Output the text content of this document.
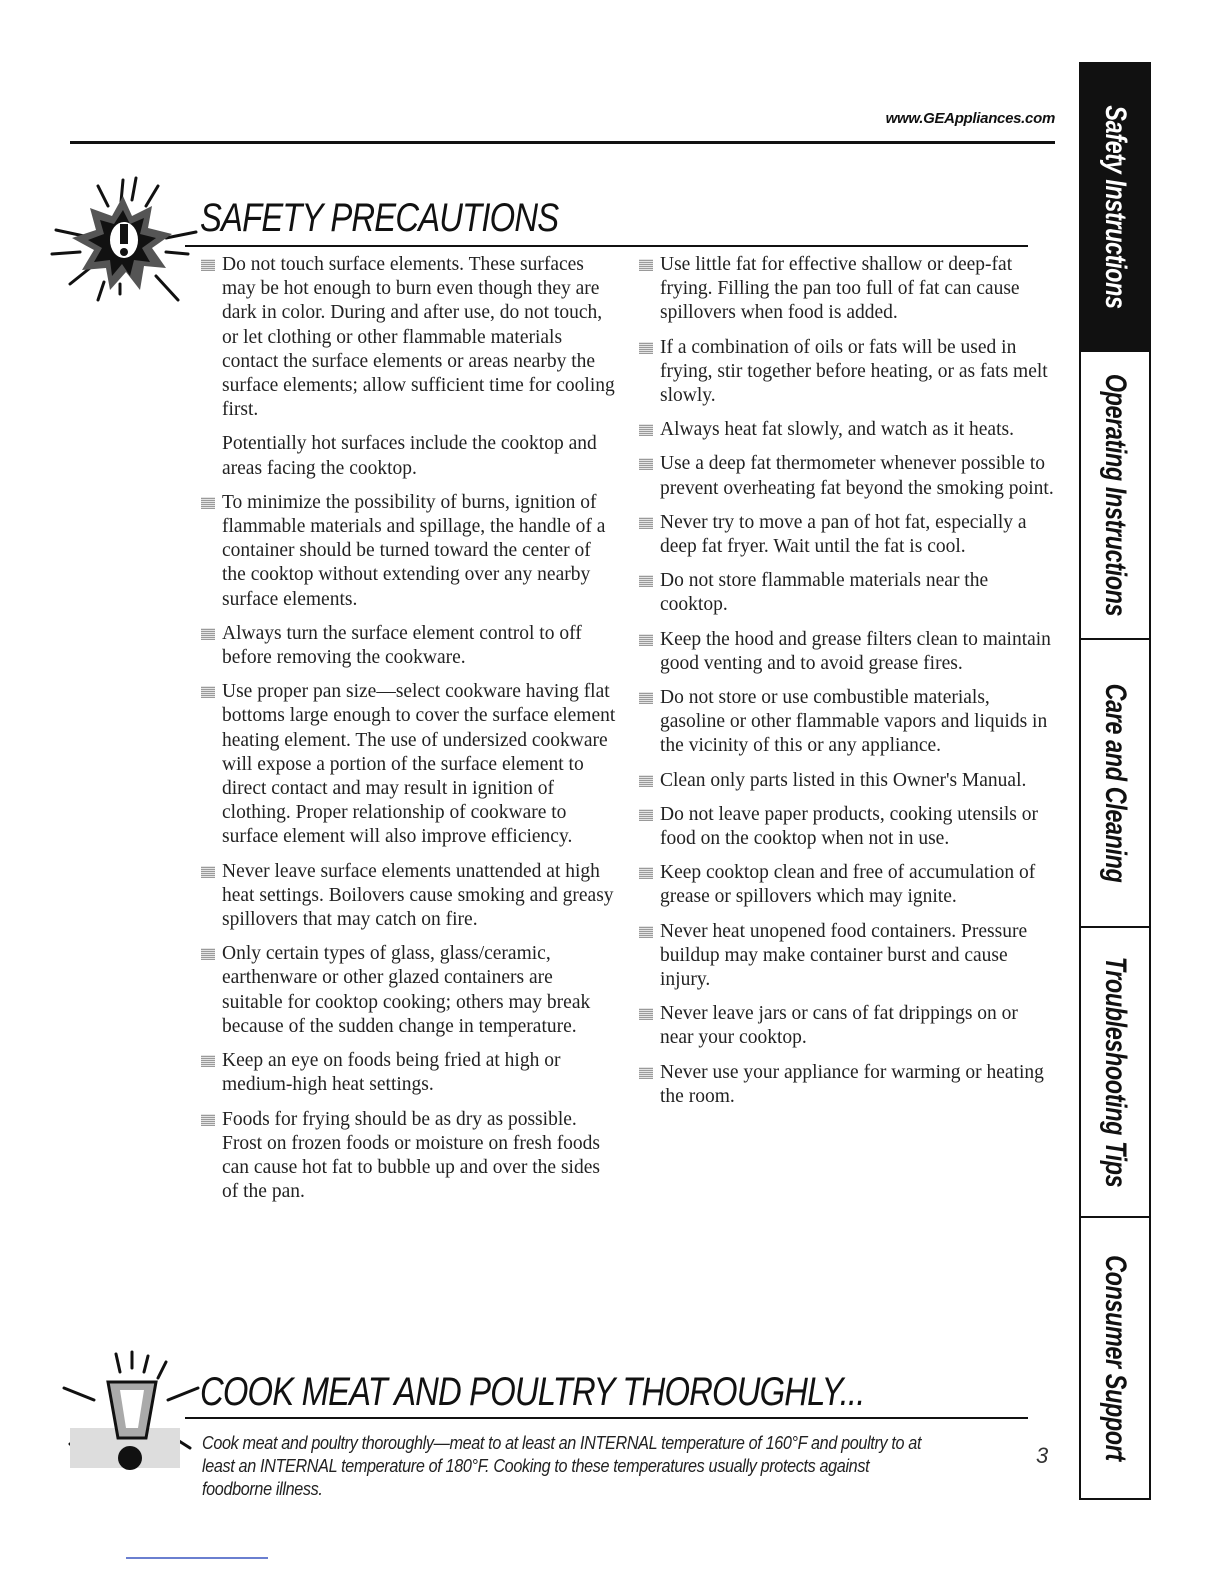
www.GEAppliances.com
SAFETY PRECAUTIONS
Do not touch surface elements. These surfaces may be hot enough to burn even though they are dark in color. During and after use, do not touch, or let clothing or other flammable materials contact the surface elements or areas nearby the surface elements; allow sufficient time for cooling first.
Potentially hot surfaces include the cooktop and areas facing the cooktop.
To minimize the possibility of burns, ignition of flammable materials and spillage, the handle of a container should be turned toward the center of the cooktop without extending over any nearby surface elements.
Always turn the surface element control to off before removing the cookware.
Use proper pan size—select cookware having flat bottoms large enough to cover the surface element heating element. The use of undersized cookware will expose a portion of the surface element to direct contact and may result in ignition of clothing. Proper relationship of cookware to surface element will also improve efficiency.
Never leave surface elements unattended at high heat settings. Boilovers cause smoking and greasy spillovers that may catch on fire.
Only certain types of glass, glass/ceramic, earthenware or other glazed containers are suitable for cooktop cooking; others may break because of the sudden change in temperature.
Keep an eye on foods being fried at high or medium-high heat settings.
Foods for frying should be as dry as possible. Frost on frozen foods or moisture on fresh foods can cause hot fat to bubble up and over the sides of the pan.
Use little fat for effective shallow or deep-fat frying. Filling the pan too full of fat can cause spillovers when food is added.
If a combination of oils or fats will be used in frying, stir together before heating, or as fats melt slowly.
Always heat fat slowly, and watch as it heats.
Use a deep fat thermometer whenever possible to prevent overheating fat beyond the smoking point.
Never try to move a pan of hot fat, especially a deep fat fryer. Wait until the fat is cool.
Do not store flammable materials near the cooktop.
Keep the hood and grease filters clean to maintain good venting and to avoid grease fires.
Do not store or use combustible materials, gasoline or other flammable vapors and liquids in the vicinity of this or any appliance.
Clean only parts listed in this Owner's Manual.
Do not leave paper products, cooking utensils or food on the cooktop when not in use.
Keep cooktop clean and free of accumulation of grease or spillovers which may ignite.
Never heat unopened food containers. Pressure buildup may make container burst and cause injury.
Never leave jars or cans of fat drippings on or near your cooktop.
Never use your appliance for warming or heating the room.
COOK MEAT AND POULTRY THOROUGHLY...
Cook meat and poultry thoroughly—meat to at least an INTERNAL temperature of 160°F and poultry to at least an INTERNAL temperature of 180°F. Cooking to these temperatures usually protects against foodborne illness.
3
Safety Instructions
Operating Instructions
Care and Cleaning
Troubleshooting Tips
Consumer Support
